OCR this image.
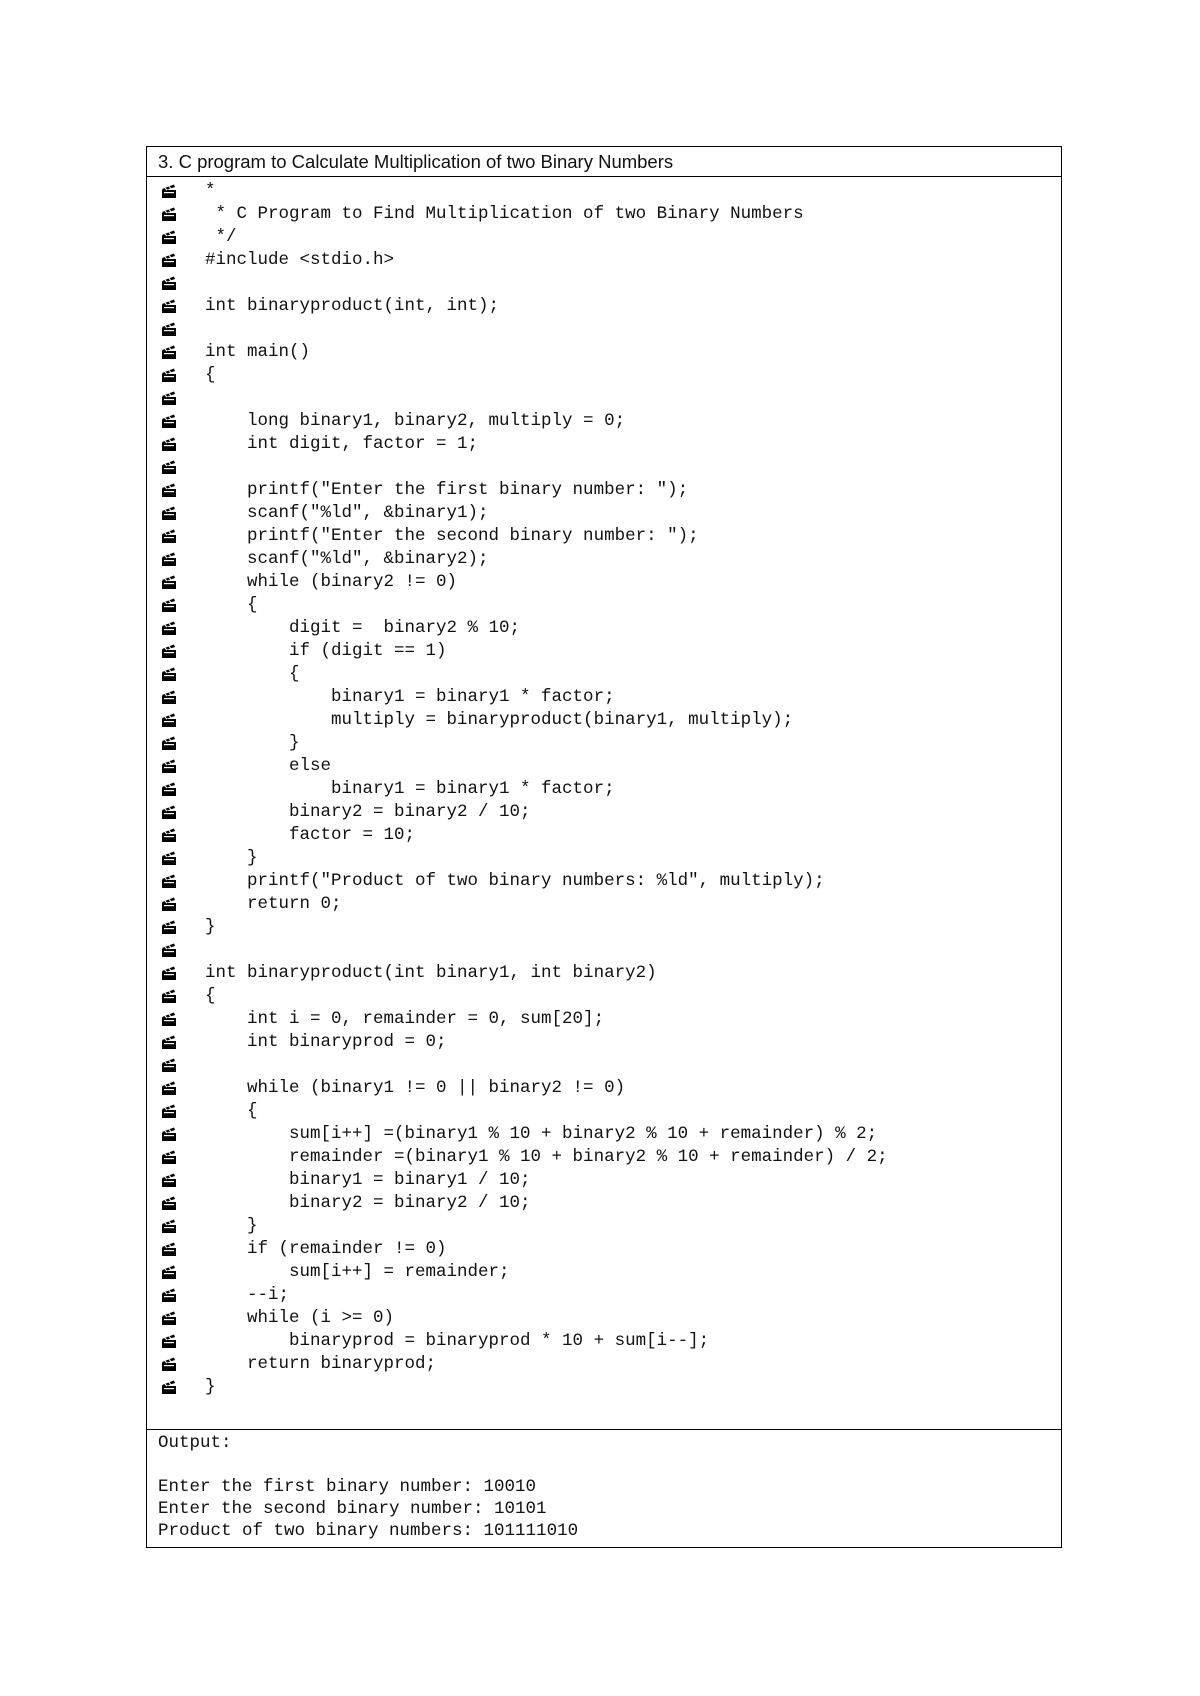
3. C program to Calculate Multiplication of two Binary Numbers
*
* C Program to Find Multiplication of two Binary Numbers
*/
#include <stdio.h>
int binaryproduct(int, int);
int main()
{
long binary1, binary2, multiply = 0;
int digit, factor = 1;
printf("Enter the first binary number: ");
scanf("%ld", &binary1);
printf("Enter the second binary number: ");
scanf("%ld", &binary2);
while (binary2 != 0)
{
digit =  binary2 % 10;
if (digit == 1)
{
binary1 = binary1 * factor;
multiply = binaryproduct(binary1, multiply);
}
else
binary1 = binary1 * factor;
binary2 = binary2 / 10;
factor = 10;
}
printf("Product of two binary numbers: %ld", multiply);
return 0;
}
int binaryproduct(int binary1, int binary2)
{
int i = 0, remainder = 0, sum[20];
int binaryprod = 0;
while (binary1 != 0 || binary2 != 0)
{
sum[i++] =(binary1 % 10 + binary2 % 10 + remainder) % 2;
remainder =(binary1 % 10 + binary2 % 10 + remainder) / 2;
binary1 = binary1 / 10;
binary2 = binary2 / 10;
}
if (remainder != 0)
sum[i++] = remainder;
--i;
while (i >= 0)
binaryprod = binaryprod * 10 + sum[i--];
return binaryprod;
}
Output:
Enter the first binary number: 10010
Enter the second binary number: 10101
Product of two binary numbers: 101111010
